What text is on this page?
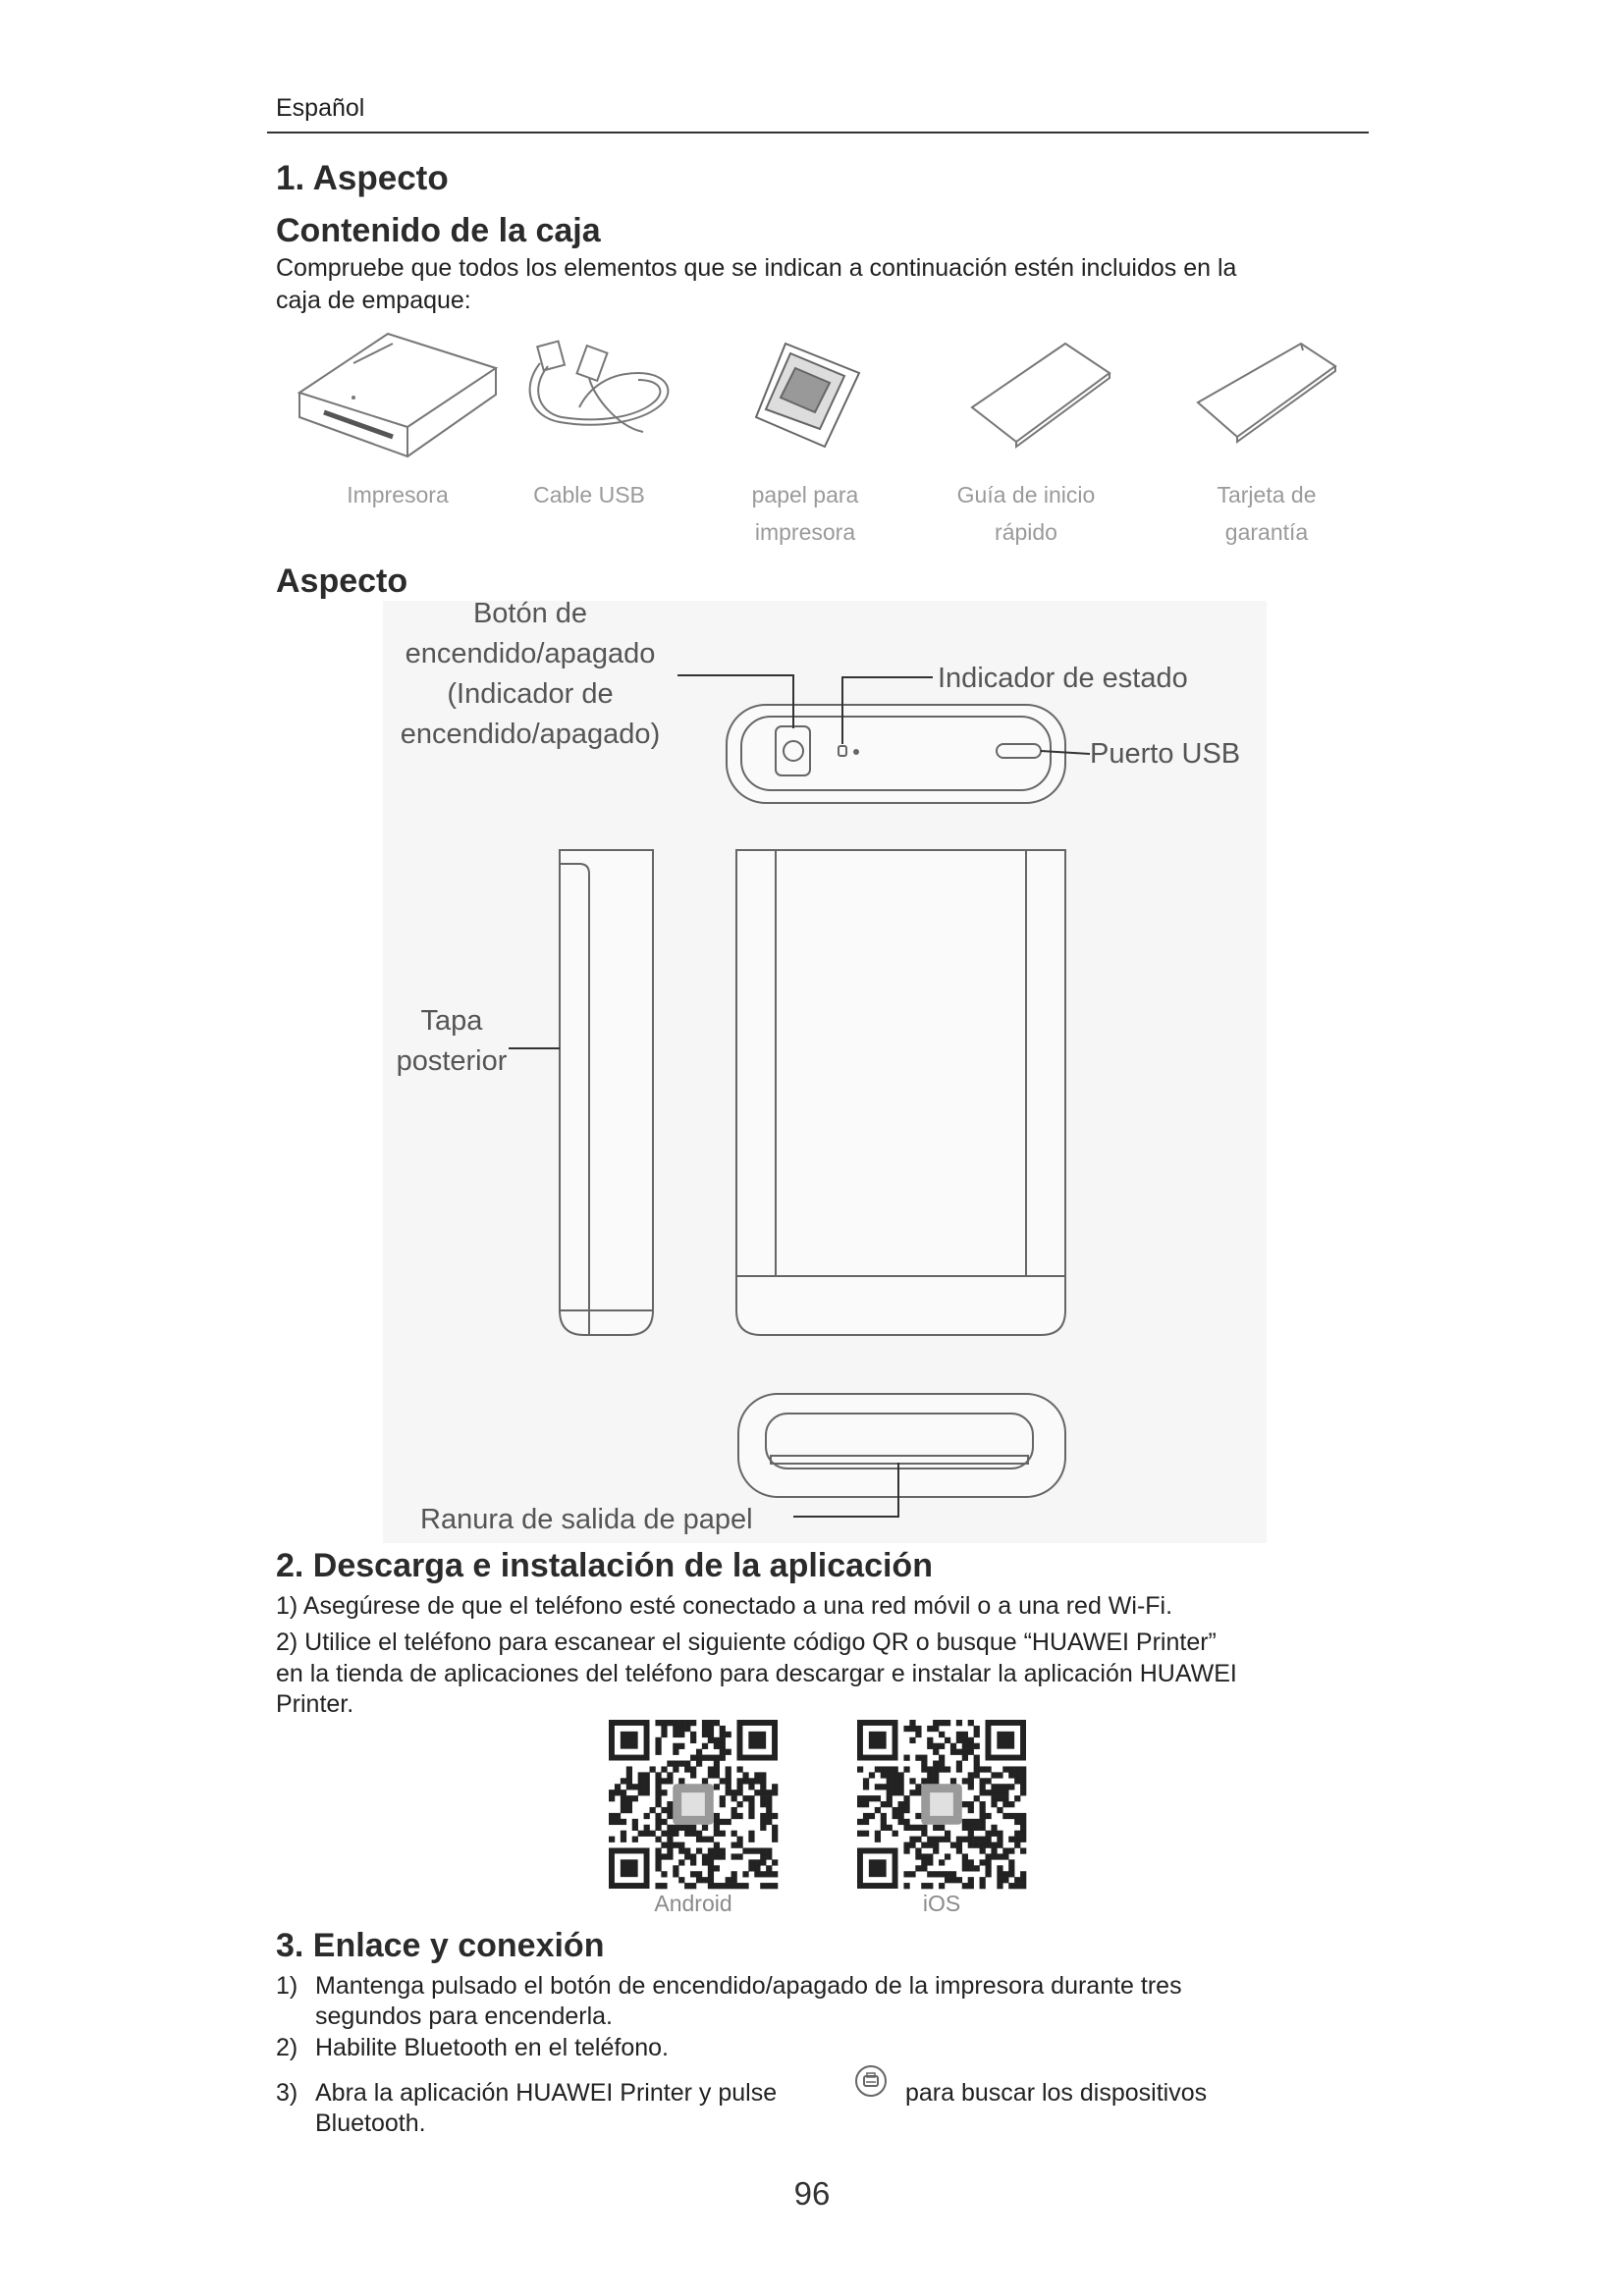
Español
1. Aspecto
Contenido de la caja
Compruebe que todos los elementos que se indican a continuación estén incluidos en la
caja de empaque:
Impresora	Cable USB	papel para
impresora
Guía de inicio
rápido
Tarjeta de
garantía
Aspecto
Botón de
encendido/apagado
(Indicador de
encendido/apagado)
Indicador de estado
Puerto USB
Tapa
posterior
Ranura de salida de papel
2. Descarga e instalación de la aplicación
1) Asegúrese de que el teléfono esté conectado a una red móvil o a una red Wi-Fi.
2) Utilice el teléfono para escanear el siguiente código QR o busque “HUAWEI Printer”
en la tienda de aplicaciones del teléfono para descargar e instalar la aplicación HUAWEI
Printer.
Android	iOS
3. Enlace y conexión
1) Mantenga pulsado el botón de encendido/apagado de la impresora durante tres
segundos para encenderla.
2) Habilite Bluetooth en el teléfono.
3) Abra la aplicación HUAWEI Printer y pulse	para buscar los dispositivos
Bluetooth.
96
